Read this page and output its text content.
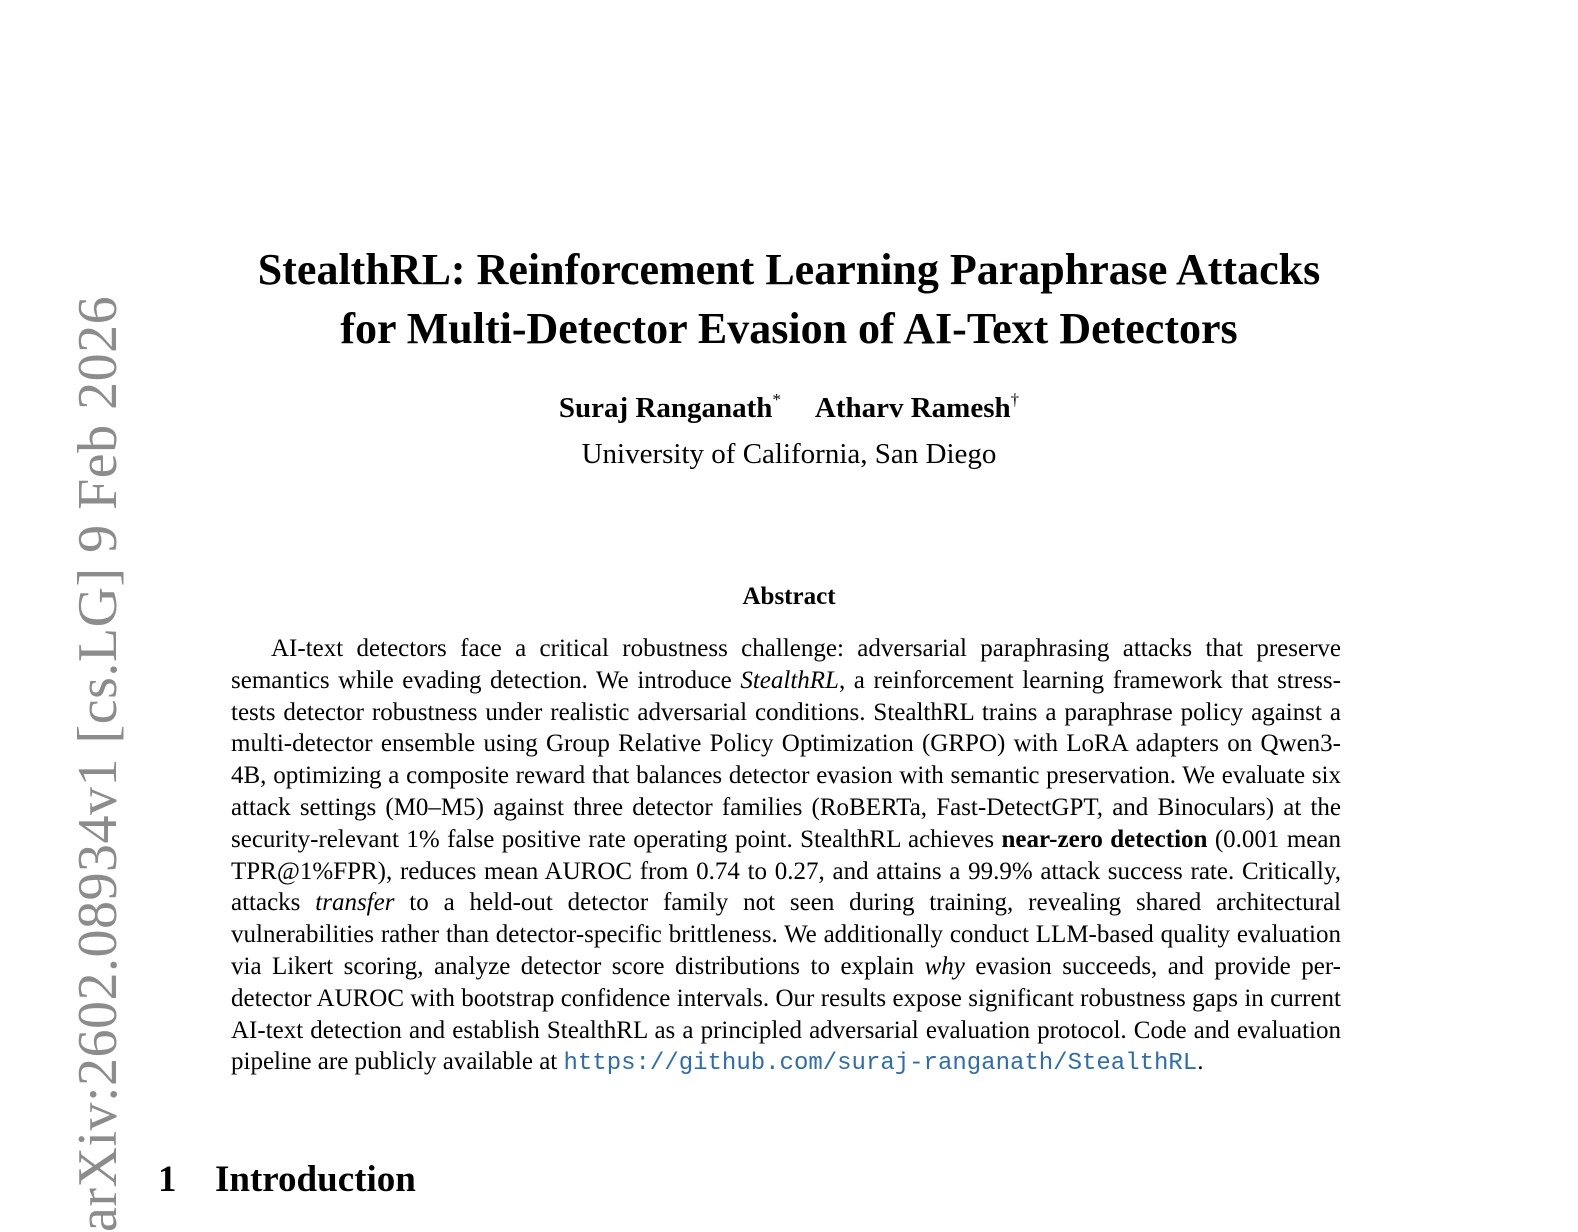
arXiv:2602.08934v1 [cs.LG] 9 Feb 2026
StealthRL: Reinforcement Learning Paraphrase Attacks
for Multi-Detector Evasion of AI-Text Detectors
Suraj Ranganath* Atharv Ramesh†
University of California, San Diego
Abstract

AI-text detectors face a critical robustness challenge: adversarial paraphrasing attacks that preserve semantics while evading detection. We introduce StealthRL, a reinforcement learning framework that stress-tests detector robustness under realistic adversarial conditions. StealthRL trains a paraphrase policy against a multi-detector ensemble using Group Relative Policy Optimization (GRPO) with LoRA adapters on Qwen3-4B, optimizing a composite reward that balances detector evasion with semantic preservation. We evaluate six attack settings (M0–M5) against three detector families (RoBERTa, Fast-DetectGPT, and Binoculars) at the security-relevant 1% false positive rate operating point. StealthRL achieves near-zero detection (0.001 mean TPR@1%FPR), reduces mean AUROC from 0.74 to 0.27, and attains a 99.9% attack success rate. Critically, attacks transfer to a held-out detector family not seen during training, revealing shared architectural vulnerabilities rather than detector-specific brittleness. We additionally conduct LLM-based quality evaluation via Likert scoring, analyze detector score distributions to explain why evasion succeeds, and provide per-detector AUROC with bootstrap confidence intervals. Our results expose significant robustness gaps in current AI-text detection and establish StealthRL as a principled adversarial evaluation protocol. Code and evaluation pipeline are publicly available at https://github.com/suraj-ranganath/StealthRL.

1 Introduction
